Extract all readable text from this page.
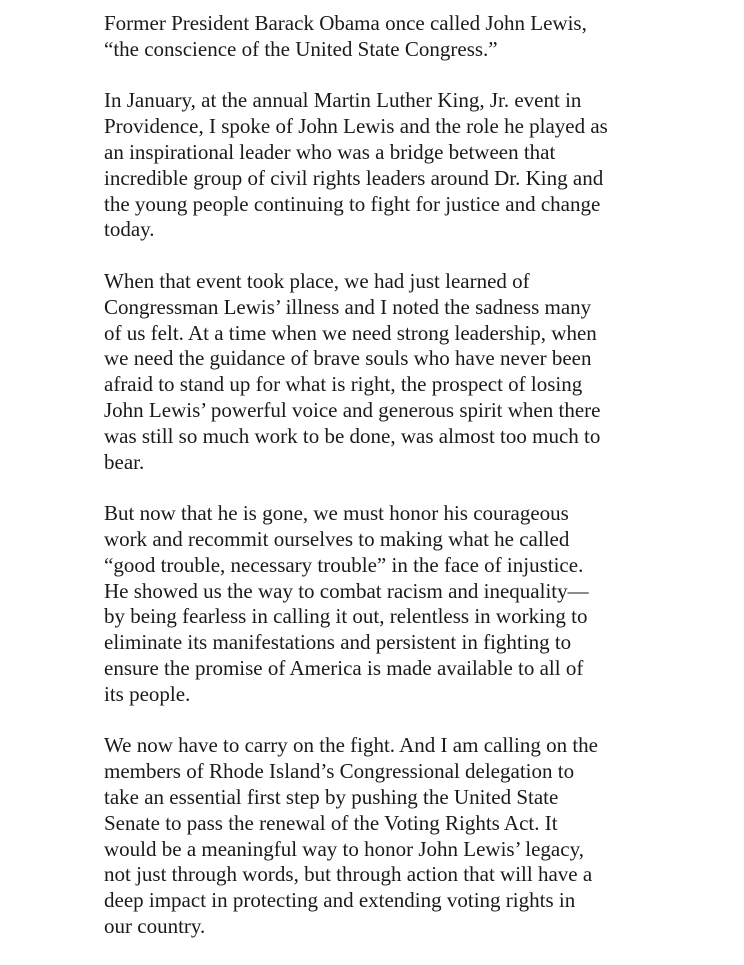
Former President Barack Obama once called John Lewis,
“the conscience of the United State Congress.”

In January, at the annual Martin Luther King, Jr. event in
Providence, I spoke of John Lewis and the role he played as
an inspirational leader who was a bridge between that
incredible group of civil rights leaders around Dr. King and
the young people continuing to fight for justice and change
today.

When that event took place, we had just learned of
Congressman Lewis’ illness and I noted the sadness many
of us felt. At a time when we need strong leadership, when
we need the guidance of brave souls who have never been
afraid to stand up for what is right, the prospect of losing
John Lewis’ powerful voice and generous spirit when there
was still so much work to be done, was almost too much to
bear.

But now that he is gone, we must honor his courageous
work and recommit ourselves to making what he called
“good trouble, necessary trouble” in the face of injustice.
He showed us the way to combat racism and inequality—
by being fearless in calling it out, relentless in working to
eliminate its manifestations and persistent in fighting to
ensure the promise of America is made available to all of
its people.

We now have to carry on the fight. And I am calling on the
members of Rhode Island’s Congressional delegation to
take an essential first step by pushing the United State
Senate to pass the renewal of the Voting Rights Act. It
would be a meaningful way to honor John Lewis’ legacy,
not just through words, but through action that will have a
deep impact in protecting and extending voting rights in
our country.
